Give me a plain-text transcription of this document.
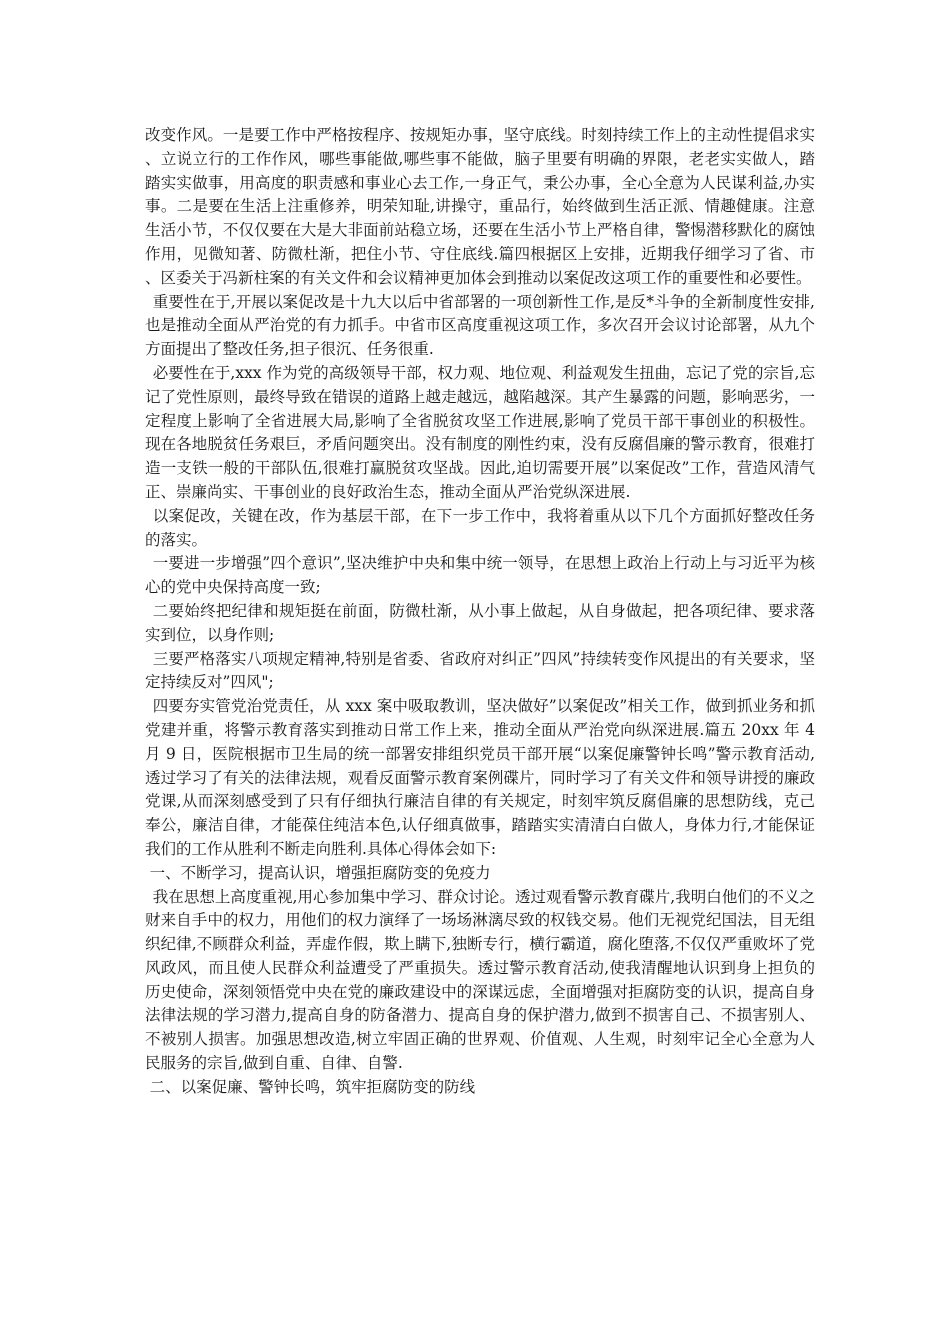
改变作风。一是要工作中严格按程序、按规矩办事，坚守底线。时刻持续工作上的主动性提倡求实、立说立行的工作作风，哪些事能做,哪些事不能做，脑子里要有明确的界限，老老实实做人，踏踏实实做事，用高度的职责感和事业心去工作,一身正气，秉公办事，全心全意为人民谋利益,办实事。二是要在生活上注重修养，明荣知耻,讲操守，重品行，始终做到生活正派、情趣健康。注意生活小节，不仅仅要在大是大非面前站稳立场，还要在生活小节上严格自律，警惕潜移默化的腐蚀作用，见微知著、防微杜渐，把住小节、守住底线.篇四根据区上安排，近期我仔细学习了省、市、区委关于冯新柱案的有关文件和会议精神更加体会到推动以案促改这项工作的重要性和必要性。

重要性在于,开展以案促改是十九大以后中省部署的一项创新性工作,是反*斗争的全新制度性安排,也是推动全面从严治党的有力抓手。中省市区高度重视这项工作，多次召开会议讨论部署，从九个方面提出了整改任务,担子很沉、任务很重.

必要性在于,xxx 作为党的高级领导干部，权力观、地位观、利益观发生扭曲，忘记了党的宗旨,忘记了党性原则，最终导致在错误的道路上越走越远，越陷越深。其产生暴露的问题，影响恶劣，一定程度上影响了全省进展大局,影响了全省脱贫攻坚工作进展,影响了党员干部干事创业的积极性。现在各地脱贫任务艰巨，矛盾问题突出。没有制度的刚性约束，没有反腐倡廉的警示教育，很难打造一支铁一般的干部队伍,很难打赢脱贫攻坚战。因此,迫切需要开展”以案促改”工作，营造风清气正、崇廉尚实、干事创业的良好政治生态，推动全面从严治党纵深进展.

以案促改，关键在改，作为基层干部，在下一步工作中，我将着重从以下几个方面抓好整改任务的落实。

一要进一步增强”四个意识”,坚决维护中央和集中统一领导，在思想上政治上行动上与习近平为核心的党中央保持高度一致;

二要始终把纪律和规矩挺在前面，防微杜渐，从小事上做起，从自身做起，把各项纪律、要求落实到位，以身作则;

三要严格落实八项规定精神,特别是省委、省政府对纠正”四风”持续转变作风提出的有关要求，坚定持续反对”四风";

四要夯实管党治党责任，从 xxx 案中吸取教训，坚决做好”以案促改”相关工作，做到抓业务和抓党建并重，将警示教育落实到推动日常工作上来，推动全面从严治党向纵深进展.篇五 20xx 年 4 月 9 日，医院根据市卫生局的统一部署安排组织党员干部开展“以案促廉警钟长鸣”警示教育活动,透过学习了有关的法律法规，观看反面警示教育案例碟片，同时学习了有关文件和领导讲授的廉政党课,从而深刻感受到了只有仔细执行廉洁自律的有关规定，时刻牢筑反腐倡廉的思想防线，克己奉公，廉洁自律，才能葆住纯洁本色,认仔细真做事，踏踏实实清清白白做人，身体力行,才能保证我们的工作从胜利不断走向胜利.具体心得体会如下:

一、不断学习，提高认识，增强拒腐防变的免疫力

我在思想上高度重视,用心参加集中学习、群众讨论。透过观看警示教育碟片,我明白他们的不义之财来自手中的权力，用他们的权力演绎了一场场淋漓尽致的权钱交易。他们无视党纪国法，目无组织纪律,不顾群众利益，弄虚作假，欺上瞒下,独断专行，横行霸道，腐化堕落,不仅仅严重败坏了党风政风，而且使人民群众利益遭受了严重损失。透过警示教育活动,使我清醒地认识到身上担负的历史使命，深刻领悟党中央在党的廉政建设中的深谋远虑，全面增强对拒腐防变的认识，提高自身法律法规的学习潜力,提高自身的防备潜力、提高自身的保护潜力,做到不损害自己、不损害别人、不被别人损害。加强思想改造,树立牢固正确的世界观、价值观、人生观，时刻牢记全心全意为人民服务的宗旨,做到自重、自律、自警.

二、以案促廉、警钟长鸣，筑牢拒腐防变的防线
